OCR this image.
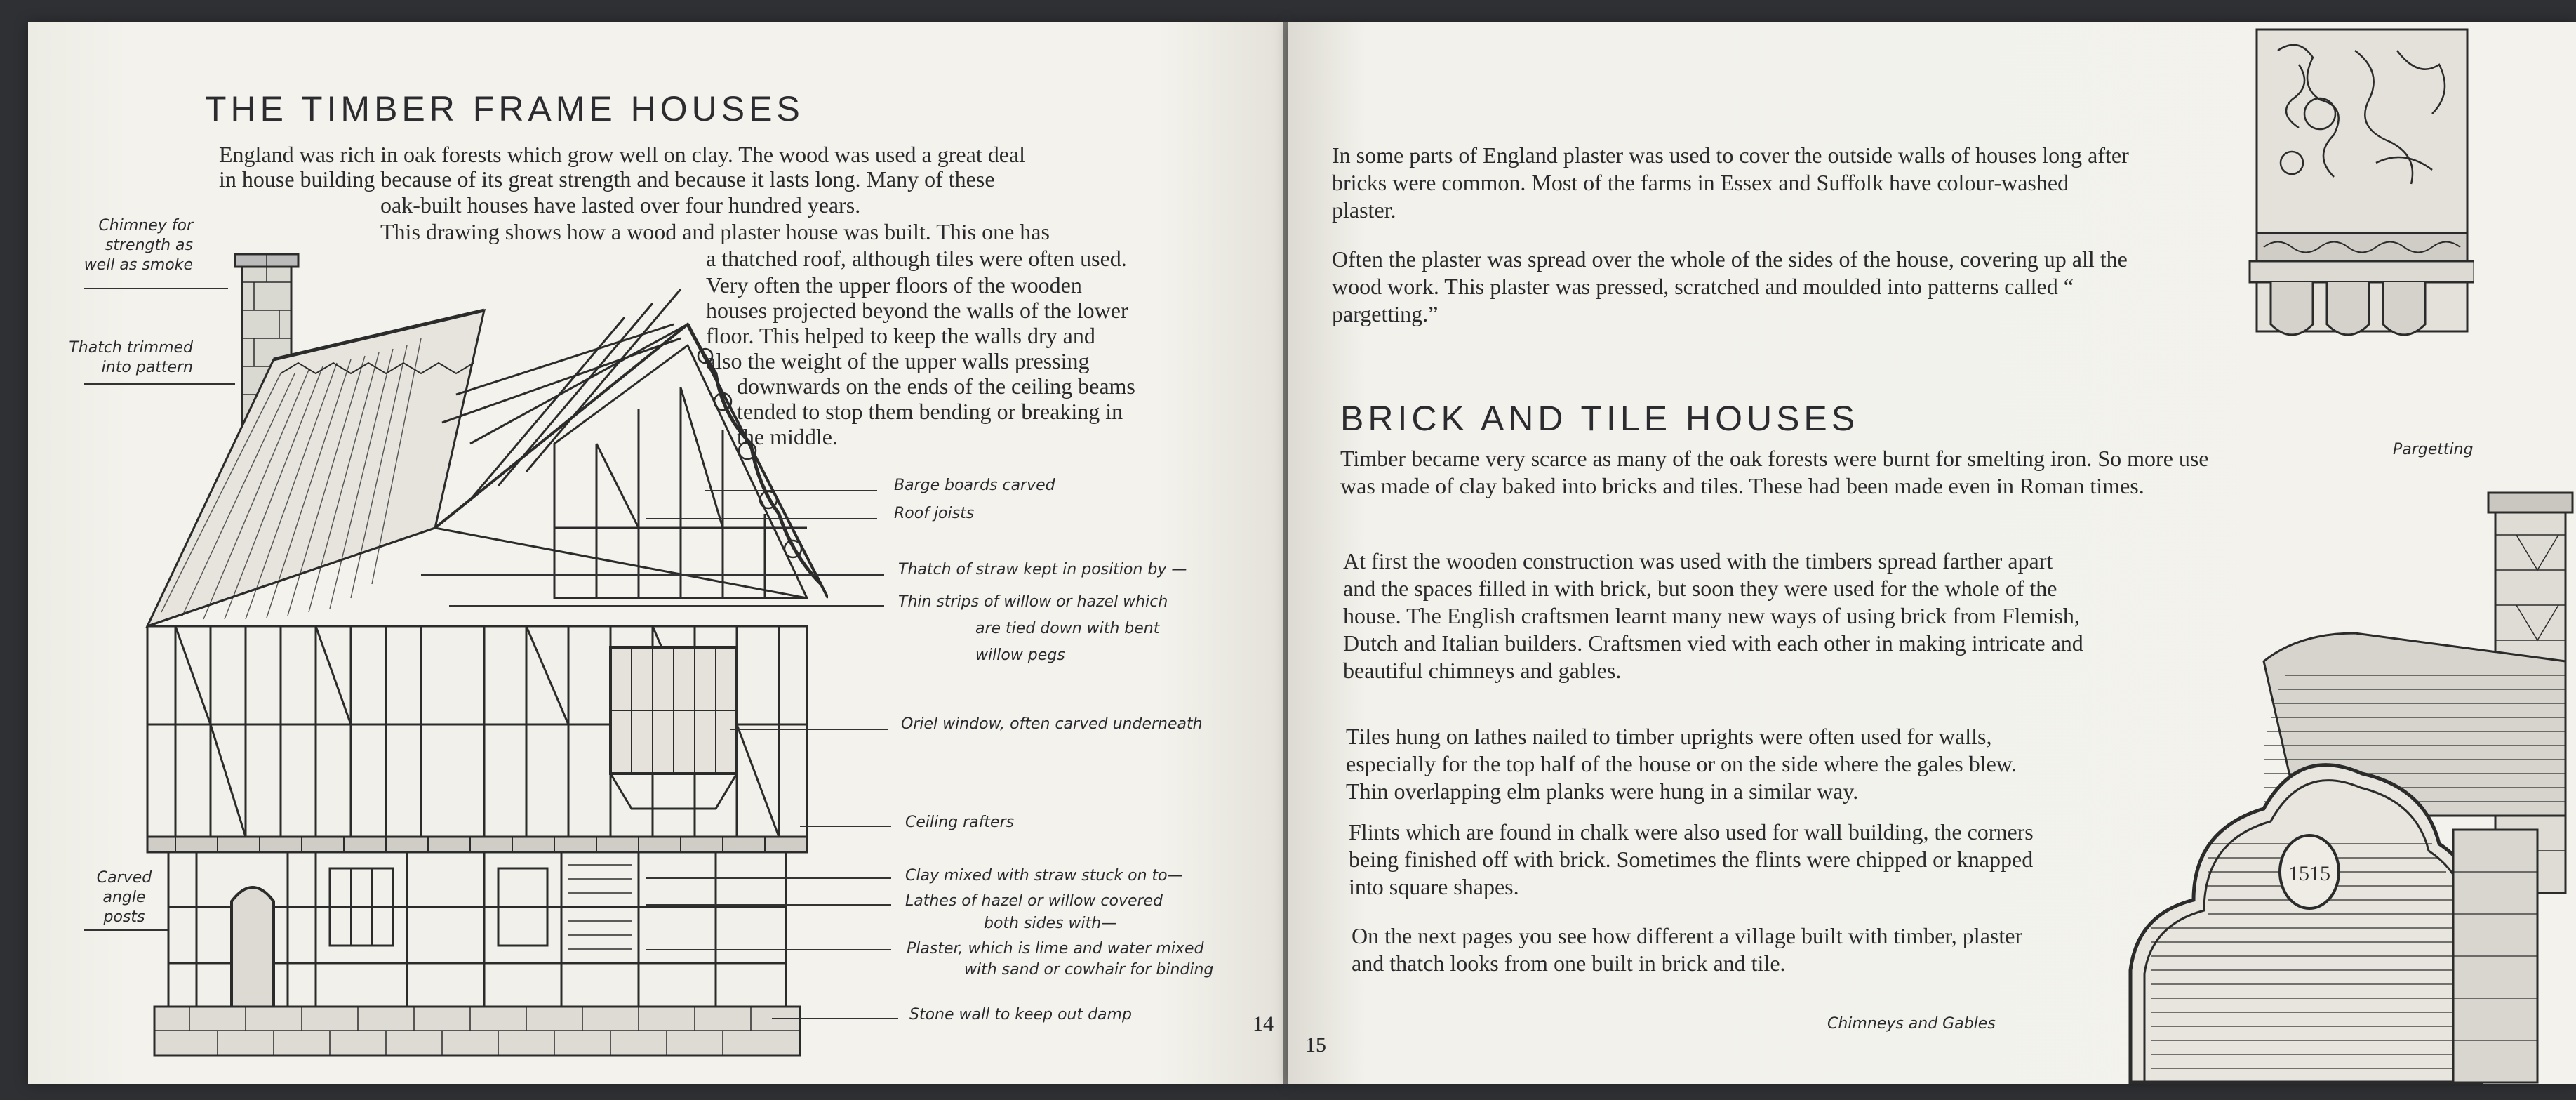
THE TIMBER FRAME HOUSES
England was rich in oak forests which grow well on clay. The wood was used a great deal
in house building because of its great strength and because it lasts long. Many of these
oak-built houses have lasted over four hundred years.
This drawing shows how a wood and plaster house was built. This one has
a thatched roof, although tiles were often used.
Very often the upper floors of the wooden
houses projected beyond the walls of the lower
floor. This helped to keep the walls dry and
also the weight of the upper walls pressing
downwards on the ends of the ceiling beams
tended to stop them bending or breaking in
the middle.
Chimney for
strength as
well as smoke
Thatch trimmed
into pattern
Carved
angle
posts
Barge boards carved
Roof joists
Thatch of straw kept in position by —
Thin strips of willow or hazel which
are tied down with bent
willow pegs
Oriel window, often carved underneath
Ceiling rafters
Clay mixed with straw stuck on to—
Lathes of hazel or willow covered
both sides with—
Plaster, which is lime and water mixed
with sand or cowhair for binding
Stone wall to keep out damp	14

In some parts of England plaster was used to cover the outside walls of houses long after bricks were common. Most of the farms in Essex and Suffolk have colour-washed plaster.

Often the plaster was spread over the whole of the sides of the house, covering up all the wood work. This plaster was pressed, scratched and moulded into patterns called “ pargetting.”

Pargetting
BRICK AND TILE HOUSES

Timber became very scarce as many of the oak forests were burnt for smelting iron. So more use was made of clay baked into bricks and tiles. These had been made even in Roman times.

At first the wooden construction was used with the timbers spread farther apart and the spaces filled in with brick, but soon they were used for the whole of the house. The English craftsmen learnt many new ways of using brick from Flemish, Dutch and Italian builders. Craftsmen vied with each other in making intricate and beautiful chimneys and gables.

Tiles hung on lathes nailed to timber uprights were often used for walls, especially for the top half of the house or on the side where the gales blew. Thin overlapping elm planks were hung in a similar way.

Flints which are found in chalk were also used for wall building, the corners being finished off with brick. Sometimes the flints were chipped or knapped into square shapes.

On the next pages you see how different a village built with timber, plaster and thatch looks from one built in brick and tile.

1515
Chimneys and Gables
15
